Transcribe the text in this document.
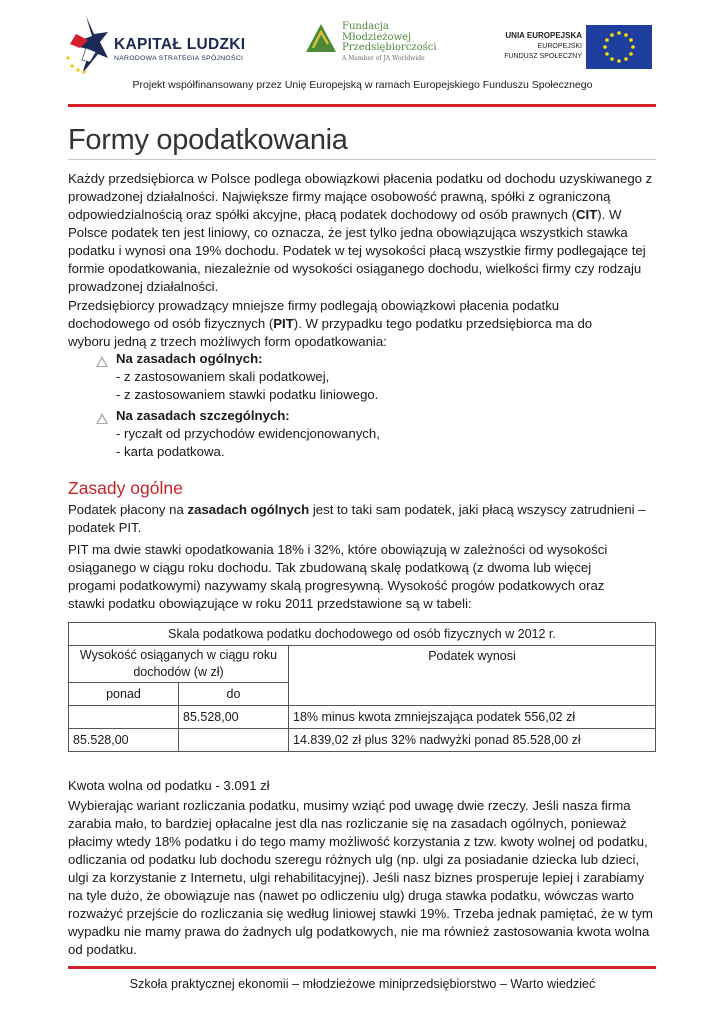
KAPITAŁ LUDZKI
NARODOWA STRATEGIA SPÓJNOŚCI
Fundacja
Młodzieżowej
Przedsiębiorczości
A Member of JA Worldwide
UNIA EUROPEJSKA
EUROPEJSKI
FUNDUSZ SPOŁECZNY
Projekt współfinansowany przez Unię Europejską w ramach Europejskiego Funduszu Społecznego
Formy opodatkowania
Każdy przedsiębiorca w Polsce podlega obowiązkowi płacenia podatku od dochodu uzyskiwanego z prowadzonej działalności. Największe firmy mające osobowość prawną, spółki z ograniczoną odpowiedzialnością oraz spółki akcyjne, płacą podatek dochodowy od osób prawnych (CIT). W Polsce podatek ten jest liniowy, co oznacza, że jest tylko jedna obowiązująca wszystkich stawka podatku i wynosi ona 19% dochodu. Podatek w tej wysokości płacą wszystkie firmy podlegające tej formie opodatkowania, niezależnie od wysokości osiąganego dochodu, wielkości firmy czy rodzaju prowadzonej działalności.
Przedsiębiorcy prowadzący mniejsze firmy podlegają obowiązkowi płacenia podatku dochodowego od osób fizycznych (PIT). W przypadku tego podatku przedsiębiorca ma do wyboru jedną z trzech możliwych form opodatkowania:
Na zasadach ogólnych:
- z zastosowaniem skali podatkowej,
- z zastosowaniem stawki podatku liniowego.
Na zasadach szczególnych:
- ryczałt od przychodów ewidencjonowanych,
- karta podatkowa.
Zasady ogólne
Podatek płacony na zasadach ogólnych jest to taki sam podatek, jaki płacą wszyscy zatrudnieni – podatek PIT.
PIT ma dwie stawki opodatkowania 18% i 32%, które obowiązują w zależności od wysokości osiąganego w ciągu roku dochodu. Tak zbudowaną skalę podatkową (z dwoma lub więcej progami podatkowymi) nazywamy skalą progresywną. Wysokość progów podatkowych oraz stawki podatku obowiązujące w roku 2011 przedstawione są w tabeli:
Skala podatkowa podatku dochodowego od osób fizycznych w 2012 r.		
Wysokość osiąganych w ciągu roku dochodów (w zł)		Podatek wynosi
ponad	do	
	85.528,00	18% minus kwota zmniejszająca podatek 556,02 zł
85.528,00		14.839,02 zł plus 32% nadwyżki ponad 85.528,00 zł
Kwota wolna od podatku - 3.091 zł
Wybierając wariant rozliczania podatku, musimy wziąć pod uwagę dwie rzeczy. Jeśli nasza firma zarabia mało, to bardziej opłacalne jest dla nas rozliczanie się na zasadach ogólnych, ponieważ płacimy wtedy 18% podatku i do tego mamy możliwość korzystania z tzw. kwoty wolnej od podatku, odliczania od podatku lub dochodu szeregu różnych ulg (np. ulgi za posiadanie dziecka lub dzieci, ulgi za korzystanie z Internetu, ulgi rehabilitacyjnej). Jeśli nasz biznes prosperuje lepiej i zarabiamy na tyle dużo, że obowiązuje nas (nawet po odliczeniu ulg) druga stawka podatku, wówczas warto rozważyć przejście do rozliczania się według liniowej stawki 19%. Trzeba jednak pamiętać, że w tym wypadku nie mamy prawa do żadnych ulg podatkowych, nie ma również zastosowania kwota wolna od podatku.
Szkoła praktycznej ekonomii – młodzieżowe miniprzedsiębiorstwo – Warto wiedzieć
